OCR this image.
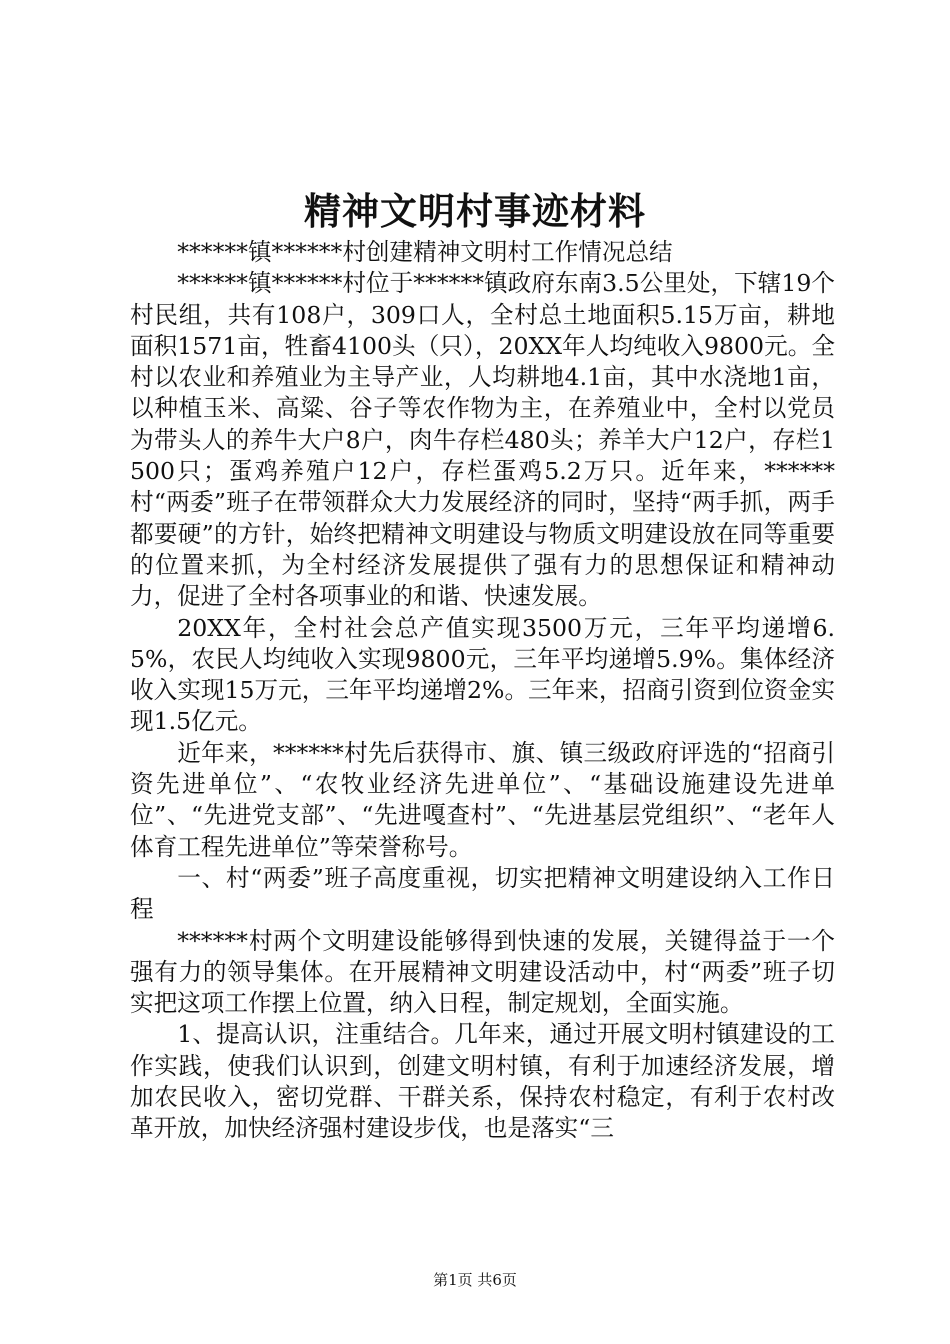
精神文明村事迹材料

******镇******村创建精神文明村工作情况总结

******镇******村位于******镇政府东南3.5公里处，下辖19个村民组，共有108户，309口人，全村总土地面积5.15万亩，耕地面积1571亩，牲畜4100头（只），20XX年人均纯收入9800元。全村以农业和养殖业为主导产业，人均耕地4.1亩，其中水浇地1亩，以种植玉米、高粱、谷子等农作物为主，在养殖业中，全村以党员为带头人的养牛大户8户，肉牛存栏480头；养羊大户12户，存栏1500只；蛋鸡养殖户12户，存栏蛋鸡5.2万只。近年来，******村“两委”班子在带领群众大力发展经济的同时，坚持“两手抓，两手都要硬”的方针，始终把精神文明建设与物质文明建设放在同等重要的位置来抓，为全村经济发展提供了强有力的思想保证和精神动力，促进了全村各项事业的和谐、快速发展。

20XX年，全村社会总产值实现3500万元，三年平均递增6.5%，农民人均纯收入实现9800元，三年平均递增5.9%。集体经济收入实现15万元，三年平均递增2%。三年来，招商引资到位资金实现1.5亿元。

近年来，******村先后获得市、旗、镇三级政府评选的“招商引资先进单位”、“农牧业经济先进单位”、“基础设施建设先进单位”、“先进党支部”、“先进嘎查村”、“先进基层党组织”、“老年人体育工程先进单位”等荣誉称号。

一、村“两委”班子高度重视，切实把精神文明建设纳入工作日程

******村两个文明建设能够得到快速的发展，关键得益于一个强有力的领导集体。在开展精神文明建设活动中，村“两委”班子切实把这项工作摆上位置，纳入日程，制定规划，全面实施。

1、提高认识，注重结合。几年来，通过开展文明村镇建设的工作实践，使我们认识到，创建文明村镇，有利于加速经济发展，增加农民收入，密切党群、干群关系，保持农村稳定，有利于农村改革开放，加快经济强村建设步伐，也是落实“三

第1页 共6页
